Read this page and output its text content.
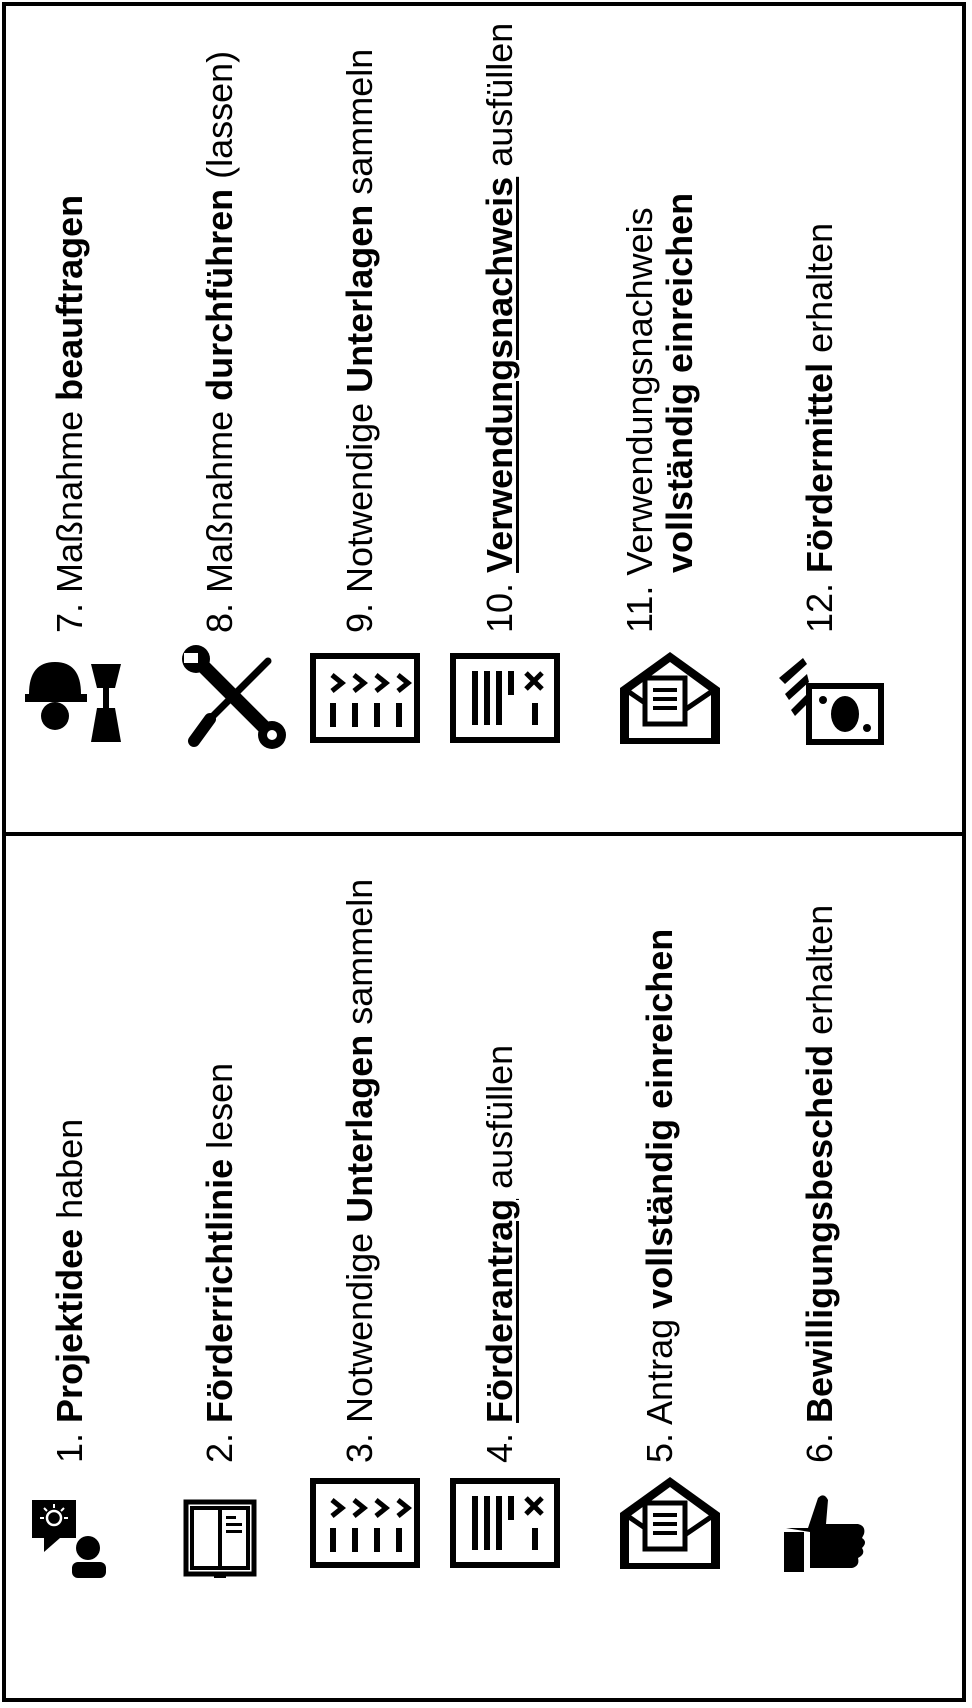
1. Projektidee haben
2. Förderrichtlinie lesen
3. Notwendige Unterlagen sammeln
4. Förderantrag ausfüllen
5. Antrag vollständig einreichen
6. Bewilligungsbescheid erhalten
7. Maßnahme beauftragen
8. Maßnahme durchführen (lassen)
9. Notwendige Unterlagen sammeln
10. Verwendungsnachweis ausfüllen
11. Verwendungsnachweis vollständig einreichen
12. Fördermittel erhalten
